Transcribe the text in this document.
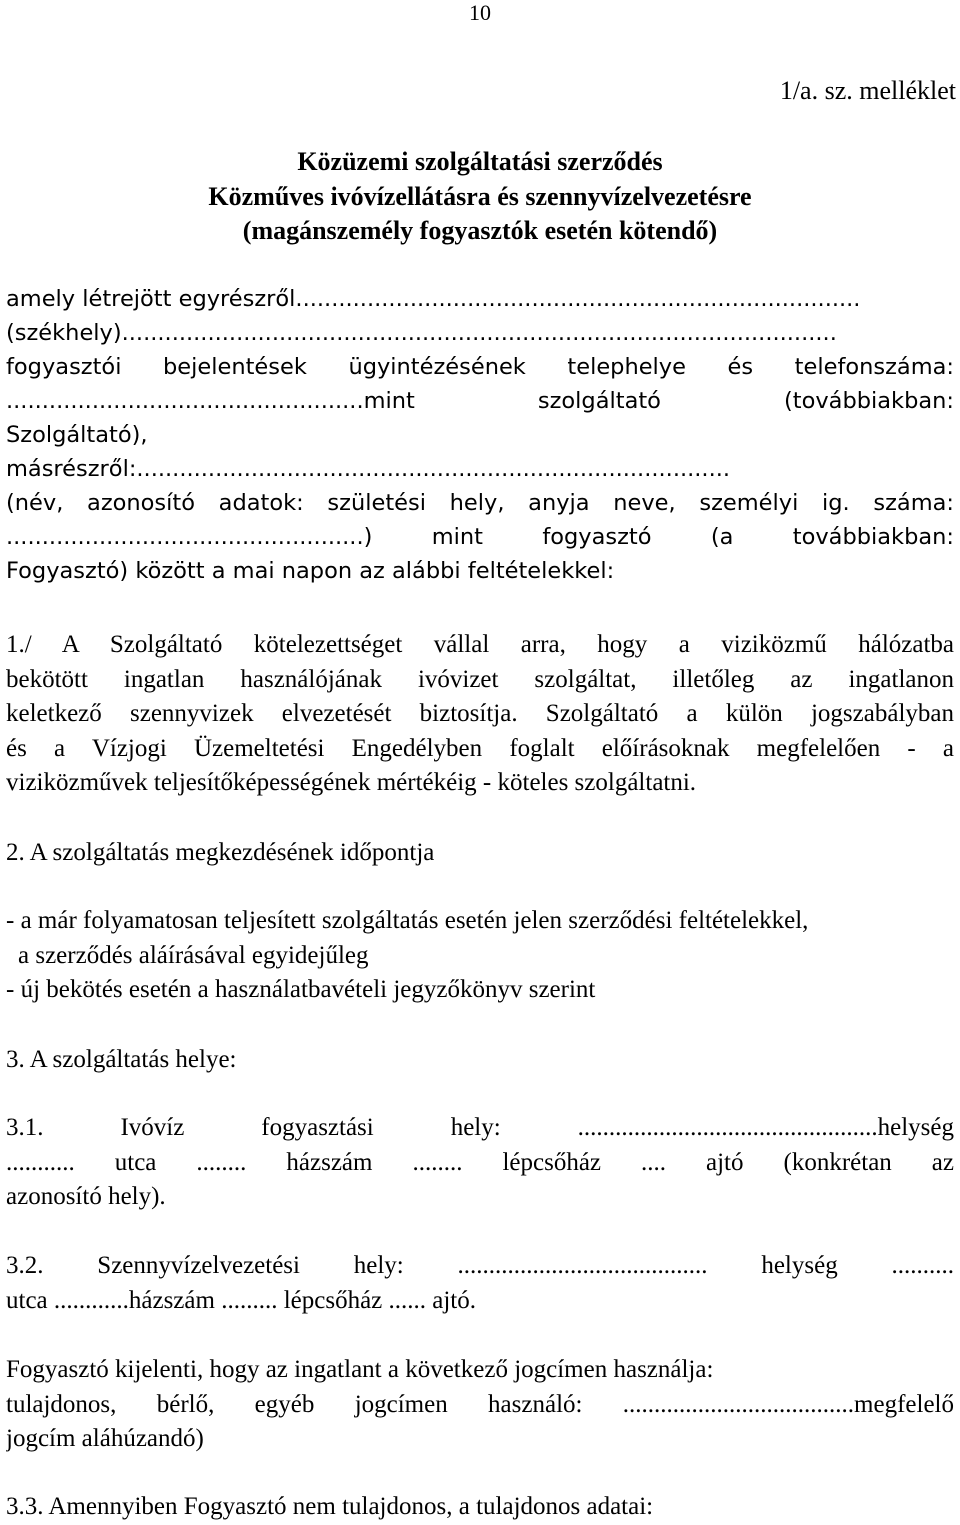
10
1/a. sz. melléklet
Közüzemi szolgáltatási szerződés
Közműves ivóvízellátásra és szennyvízelvezetésre
(magánszemély fogyasztók esetén kötendő)
amely létrejött egyrészről...............................................................................
(székhely)....................................................................................................
fogyasztói bejelentések ügyintézésének telephelye és telefonszáma:
..................................................mint szolgáltató (továbbiakban:
Szolgáltató),
másrészről:...................................................................................
(név, azonosító adatok: születési hely, anyja neve, személyi ig. száma:
..................................................) mint fogyasztó (a továbbiakban:
Fogyasztó) között a mai napon az alábbi feltételekkel:
1./ A Szolgáltató kötelezettséget vállal arra, hogy a viziközmű hálózatba
bekötött ingatlan használójának ivóvizet szolgáltat, illetőleg az ingatlanon
keletkező szennyvizek elvezetését biztosítja. Szolgáltató a külön jogszabályban
és a Vízjogi Üzemeltetési Engedélyben foglalt előírásoknak megfelelően - a
viziközművek teljesítőképességének mértékéig - köteles szolgáltatni.
2. A szolgáltatás megkezdésének időpontja
- a már folyamatosan teljesített szolgáltatás esetén jelen szerződési feltételekkel,
a szerződés aláírásával egyidejűleg
- új bekötés esetén a használatbavételi jegyzőkönyv szerint
3. A szolgáltatás helye:
3.1. Ivóvíz fogyasztási hely: ................................................helység
........... utca ........ házszám ........ lépcsőház .... ajtó (konkrétan az
azonosító hely).
3.2. Szennyvízelvezetési hely: ........................................ helység ..........
utca ............házszám ......... lépcsőház ...... ajtó.
Fogyasztó kijelenti, hogy az ingatlant a következő jogcímen használja:
tulajdonos, bérlő, egyéb jogcímen használó: .....................................megfelelő
jogcím aláhúzandó)
3.3. Amennyiben Fogyasztó nem tulajdonos, a tulajdonos adatai:
